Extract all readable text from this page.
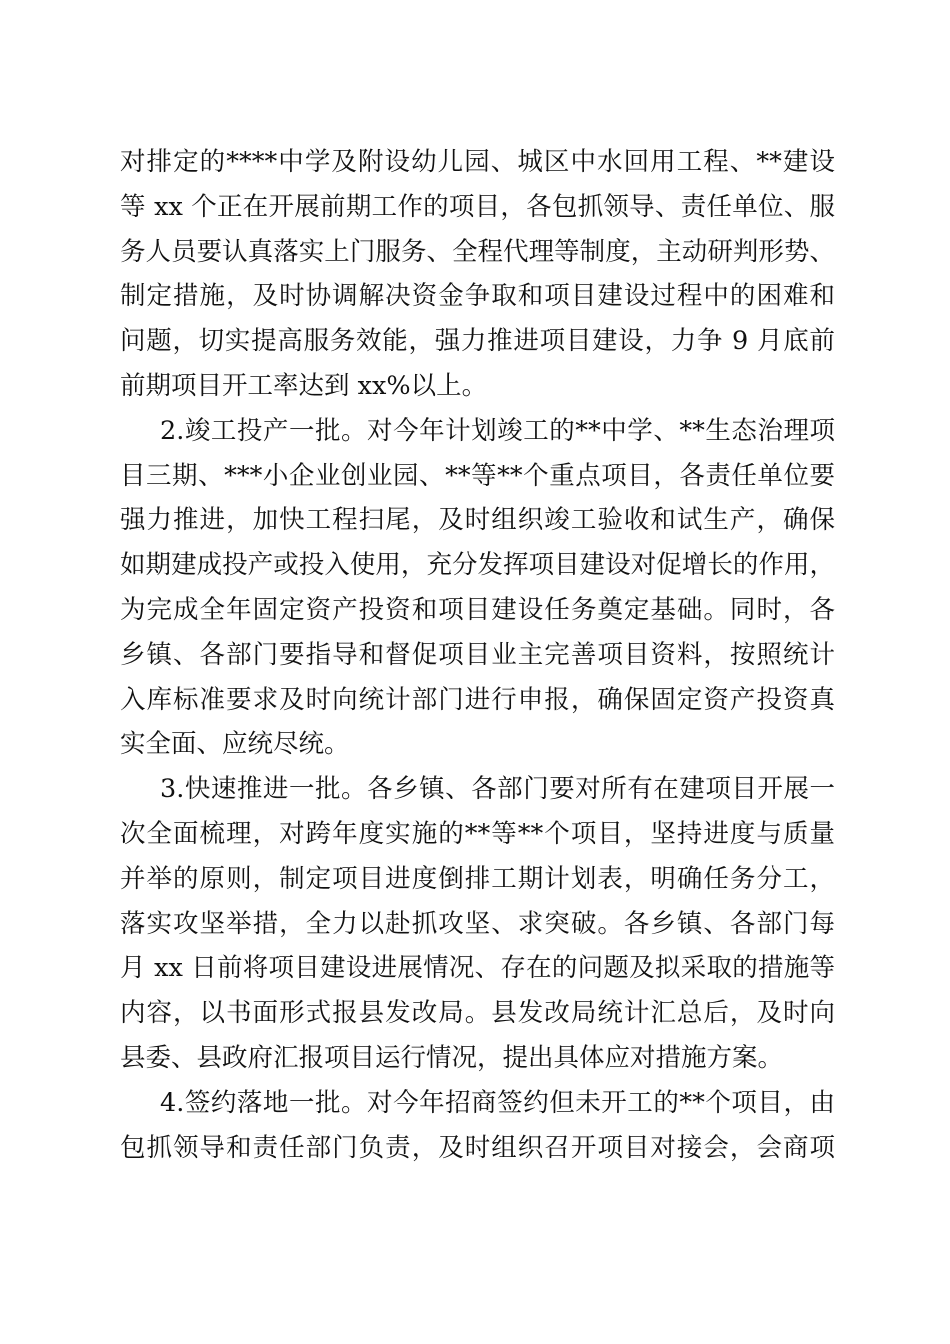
对排定的****中学及附设幼儿园、城区中水回用工程、**建设
等 xx 个正在开展前期工作的项目，各包抓领导、责任单位、服
务人员要认真落实上门服务、全程代理等制度，主动研判形势、
制定措施，及时协调解决资金争取和项目建设过程中的困难和
问题，切实提高服务效能，强力推进项目建设，力争 9 月底前
前期项目开工率达到 xx%以上。
2.竣工投产一批。对今年计划竣工的**中学、**生态治理项
目三期、***小企业创业园、**等**个重点项目，各责任单位要
强力推进，加快工程扫尾，及时组织竣工验收和试生产，确保
如期建成投产或投入使用，充分发挥项目建设对促增长的作用，
为完成全年固定资产投资和项目建设任务奠定基础。同时，各
乡镇、各部门要指导和督促项目业主完善项目资料，按照统计
入库标准要求及时向统计部门进行申报，确保固定资产投资真
实全面、应统尽统。
3.快速推进一批。各乡镇、各部门要对所有在建项目开展一
次全面梳理，对跨年度实施的**等**个项目，坚持进度与质量
并举的原则，制定项目进度倒排工期计划表，明确任务分工，
落实攻坚举措，全力以赴抓攻坚、求突破。各乡镇、各部门每
月 xx 日前将项目建设进展情况、存在的问题及拟采取的措施等
内容，以书面形式报县发改局。县发改局统计汇总后，及时向
县委、县政府汇报项目运行情况，提出具体应对措施方案。
4.签约落地一批。对今年招商签约但未开工的**个项目，由
包抓领导和责任部门负责，及时组织召开项目对接会，会商项
